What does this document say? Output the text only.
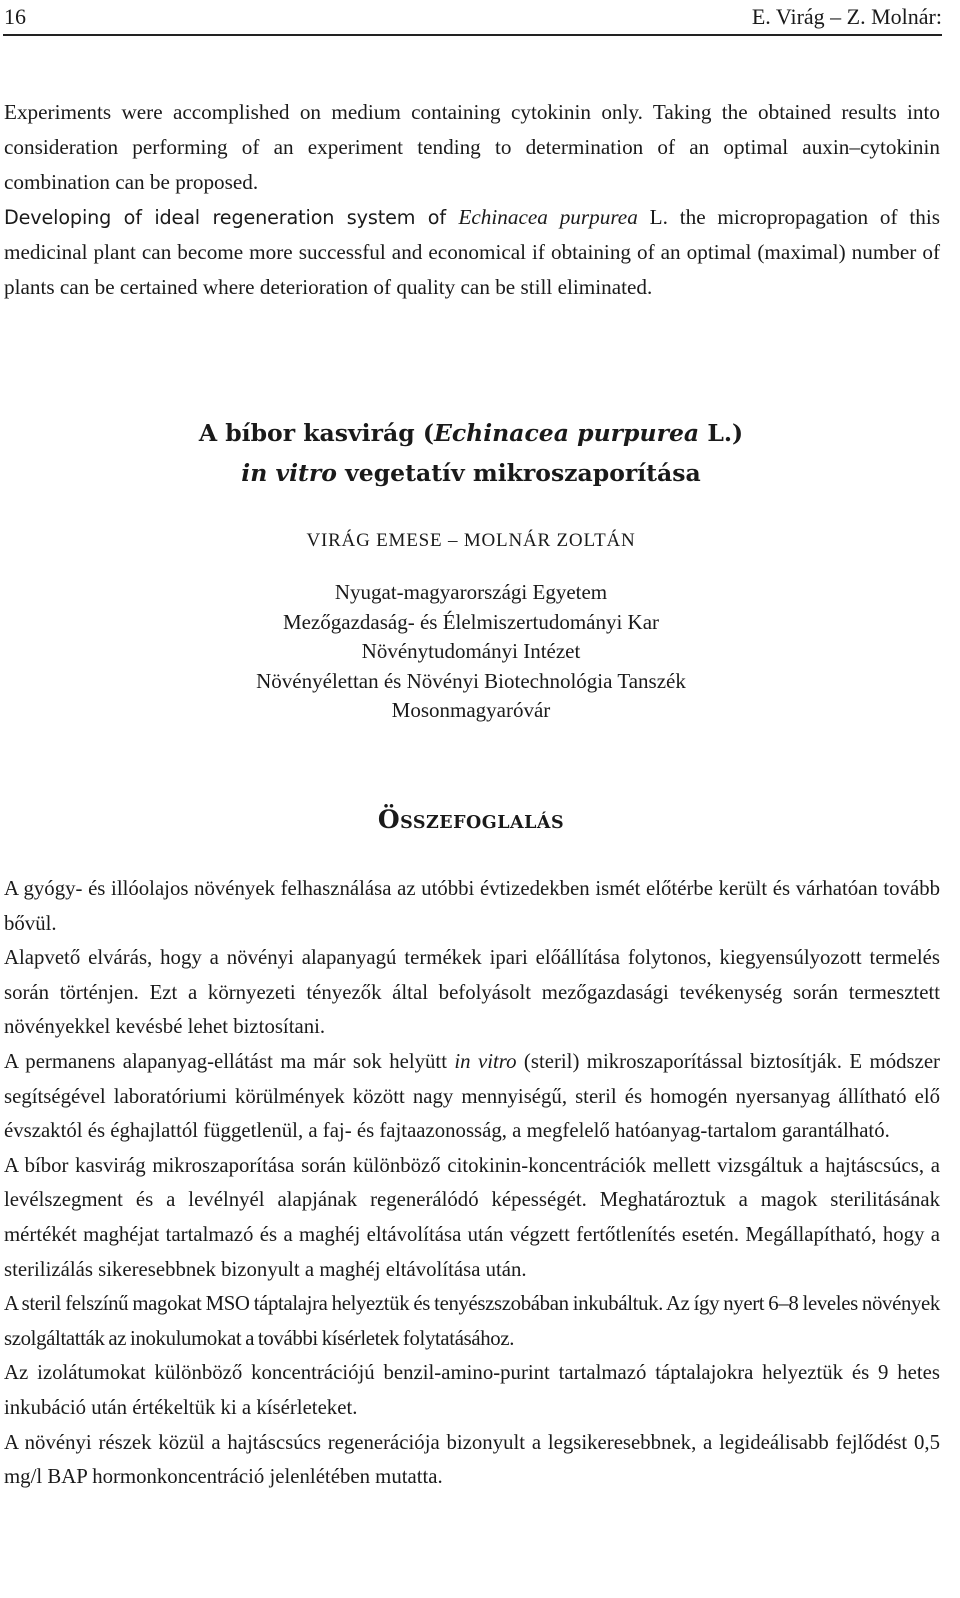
16	E. Virág – Z. Molnár:

Experiments were accomplished on medium containing cytokinin only. Taking the obtained results into consideration performing of an experiment tending to determination of an optimal auxin–cytokinin combination can be proposed.

Developing of ideal regeneration system of Echinacea purpurea L. the micropropagation of this medicinal plant can become more successful and economical if obtaining of an optimal (maximal) number of plants can be certained where deterioration of quality can be still eliminated.

A bíbor kasvirág (Echinacea purpurea L.)
in vitro vegetatív mikroszaporítása
VIRÁG EMESE – MOLNÁR ZOLTÁN
Nyugat-magyarországi Egyetem
Mezőgazdaság- és Élelmiszertudományi Kar
Növénytudományi Intézet
Növényélettan és Növényi Biotechnológia Tanszék
Mosonmagyaróvár
ÖSSZEFOGLALÁS

A gyógy- és illóolajos növények felhasználása az utóbbi évtizedekben ismét előtérbe került és várhatóan tovább bővül.

Alapvető elvárás, hogy a növényi alapanyagú termékek ipari előállítása folytonos, kiegyensúlyozott termelés során történjen. Ezt a környezeti tényezők által befolyásolt mezőgazdasági tevékenység során termesztett növényekkel kevésbé lehet biztosítani.

A permanens alapanyag-ellátást ma már sok helyütt in vitro (steril) mikroszaporítással biztosítják. E módszer segítségével laboratóriumi körülmények között nagy mennyiségű, steril és homogén nyersanyag állítható elő évszaktól és éghajlattól függetlenül, a faj- és fajtaazonosság, a megfelelő hatóanyag-tartalom garantálható.

A bíbor kasvirág mikroszaporítása során különböző citokinin-koncentrációk mellett vizsgáltuk a hajtáscsúcs, a levélszegment és a levélnyél alapjának regenerálódó képességét. Meghatároztuk a magok sterilitásának mértékét maghéjat tartalmazó és a maghéj eltávolítása után végzett fertőtlenítés esetén. Megállapítható, hogy a sterilizálás sikeresebbnek bizonyult a maghéj eltávolítása után.

A steril felszínű magokat MSO táptalajra helyeztük és tenyészszobában inkubáltuk. Az így nyert 6–8 leveles növények szolgáltatták az inokulumokat a további kísérletek folytatásához.

Az izolátumokat különböző koncentrációjú benzil-amino-purint tartalmazó táptalajokra helyeztük és 9 hetes inkubáció után értékeltük ki a kísérleteket.

A növényi részek közül a hajtáscsúcs regenerációja bizonyult a legsikeresebbnek, a legideálisabb fejlődést 0,5 mg/l BAP hormonkoncentráció jelenlétében mutatta.
